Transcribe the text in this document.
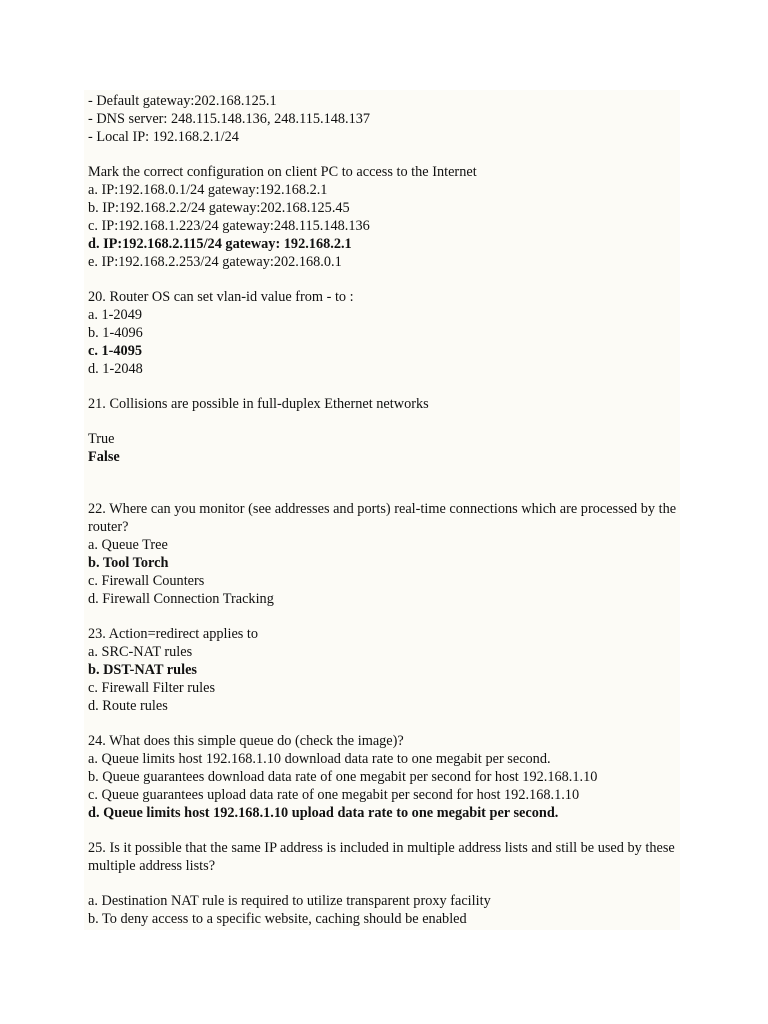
- Default gateway:202.168.125.1
- DNS server: 248.115.148.136, 248.115.148.137
- Local IP: 192.168.2.1/24
Mark the correct configuration on client PC to access to the Internet
a. IP:192.168.0.1/24 gateway:192.168.2.1
b. IP:192.168.2.2/24 gateway:202.168.125.45
c. IP:192.168.1.223/24 gateway:248.115.148.136
d. IP:192.168.2.115/24 gateway: 192.168.2.1
e. IP:192.168.2.253/24 gateway:202.168.0.1
20. Router OS can set vlan-id value from - to :
a. 1-2049
b. 1-4096
c. 1-4095
d. 1-2048
21. Collisions are possible in full-duplex Ethernet networks
True
False
22. Where can you monitor (see addresses and ports) real-time connections which are processed by the router?
a. Queue Tree
b. Tool Torch
c. Firewall Counters
d. Firewall Connection Tracking
23. Action=redirect applies to
a. SRC-NAT rules
b. DST-NAT rules
c. Firewall Filter rules
d. Route rules
24. What does this simple queue do (check the image)?
a. Queue limits host 192.168.1.10 download data rate to one megabit per second.
b. Queue guarantees download data rate of one megabit per second for host 192.168.1.10
c. Queue guarantees upload data rate of one megabit per second for host 192.168.1.10
d. Queue limits host 192.168.1.10 upload data rate to one megabit per second.
25. Is it possible that the same IP address is included in multiple address lists and still be used by these multiple address lists?
a. Destination NAT rule is required to utilize transparent proxy facility
b. To deny access to a specific website, caching should be enabled
